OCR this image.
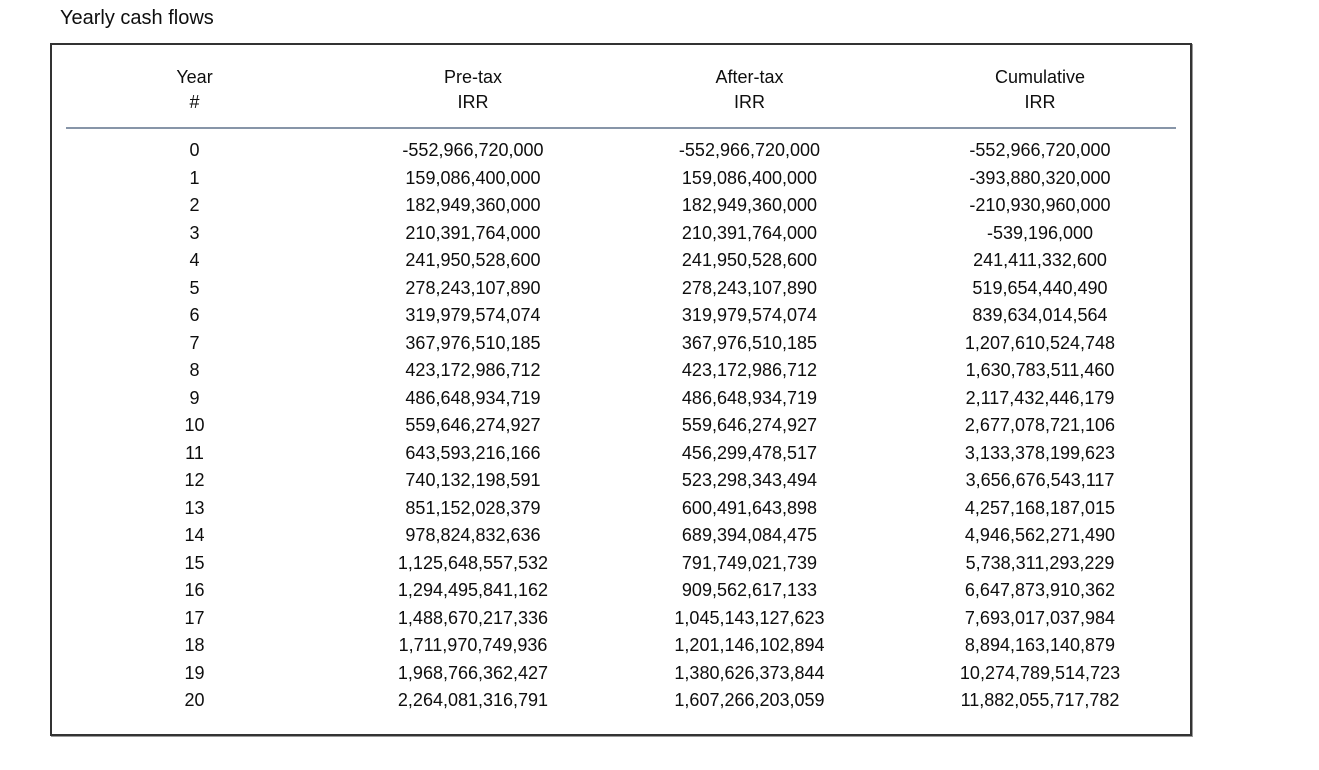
Yearly cash flows
Year
#
Pre-tax
IRR
After-tax
IRR
Cumulative
IRR
0	-552,966,720,000	-552,966,720,000	-552,966,720,000
1	159,086,400,000	159,086,400,000	-393,880,320,000
2	182,949,360,000	182,949,360,000	-210,930,960,000
3	210,391,764,000	210,391,764,000	-539,196,000
4	241,950,528,600	241,950,528,600	241,411,332,600
5	278,243,107,890	278,243,107,890	519,654,440,490
6	319,979,574,074	319,979,574,074	839,634,014,564
7	367,976,510,185	367,976,510,185	1,207,610,524,748
8	423,172,986,712	423,172,986,712	1,630,783,511,460
9	486,648,934,719	486,648,934,719	2,117,432,446,179
10	559,646,274,927	559,646,274,927	2,677,078,721,106
11	643,593,216,166	456,299,478,517	3,133,378,199,623
12	740,132,198,591	523,298,343,494	3,656,676,543,117
13	851,152,028,379	600,491,643,898	4,257,168,187,015
14	978,824,832,636	689,394,084,475	4,946,562,271,490
15	1,125,648,557,532	791,749,021,739	5,738,311,293,229
16	1,294,495,841,162	909,562,617,133	6,647,873,910,362
17	1,488,670,217,336	1,045,143,127,623	7,693,017,037,984
18	1,711,970,749,936	1,201,146,102,894	8,894,163,140,879
19	1,968,766,362,427	1,380,626,373,844	10,274,789,514,723
20	2,264,081,316,791	1,607,266,203,059	11,882,055,717,782
